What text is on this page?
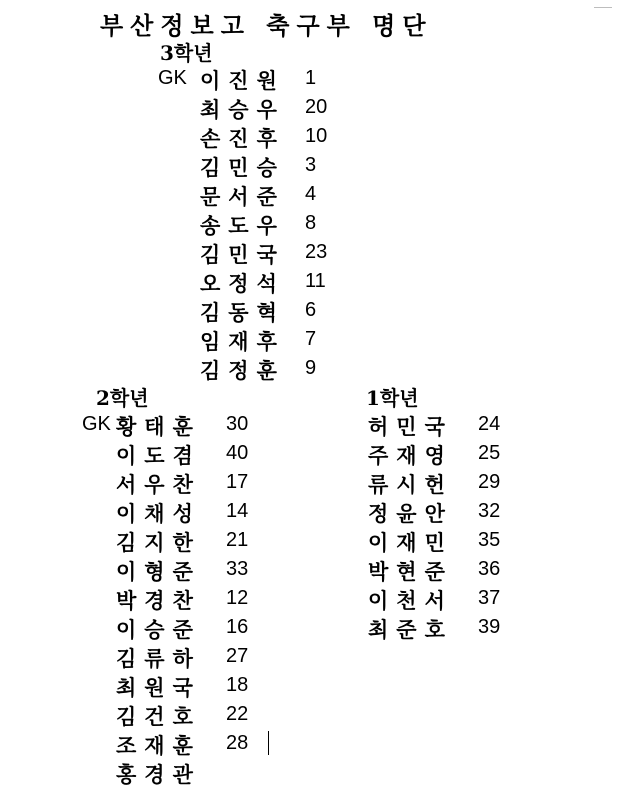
부산정보고 축구부 명단
3학년
GK 이진원 1
최승우 20
손진후 10
김민승 3
문서준 4
송도우 8
김민국 23
오정석 11
김동혁 6
임재후 7
김정훈 9
2학년
GK 황태훈 30
이도겸 40
서우찬 17
이채성 14
김지한 21
이형준 33
박경찬 12
이승준 16
김류하 27
최원국 18
김건호 22
조재훈 28
홍경관
1학년
허민국 24
주재영 25
류시헌 29
정윤안 32
이재민 35
박현준 36
이천서 37
최준호 39
